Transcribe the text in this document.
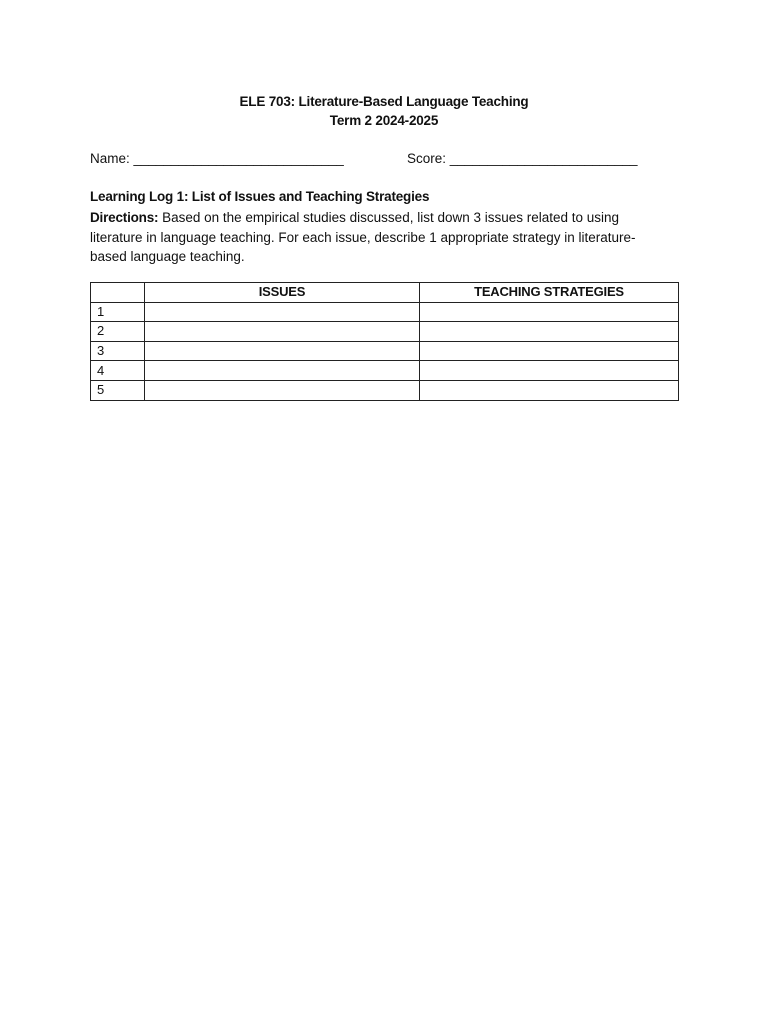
ELE 703: Literature-Based Language Teaching
Term 2 2024-2025
Name: ____________________________	Score: _________________________
Learning Log 1: List of Issues and Teaching Strategies
Directions: Based on the empirical studies discussed, list down 3 issues related to using literature in language teaching. For each issue, describe 1 appropriate strategy in literature-based language teaching.
	ISSUES	TEACHING STRATEGIES
1		
2		
3		
4		
5		
